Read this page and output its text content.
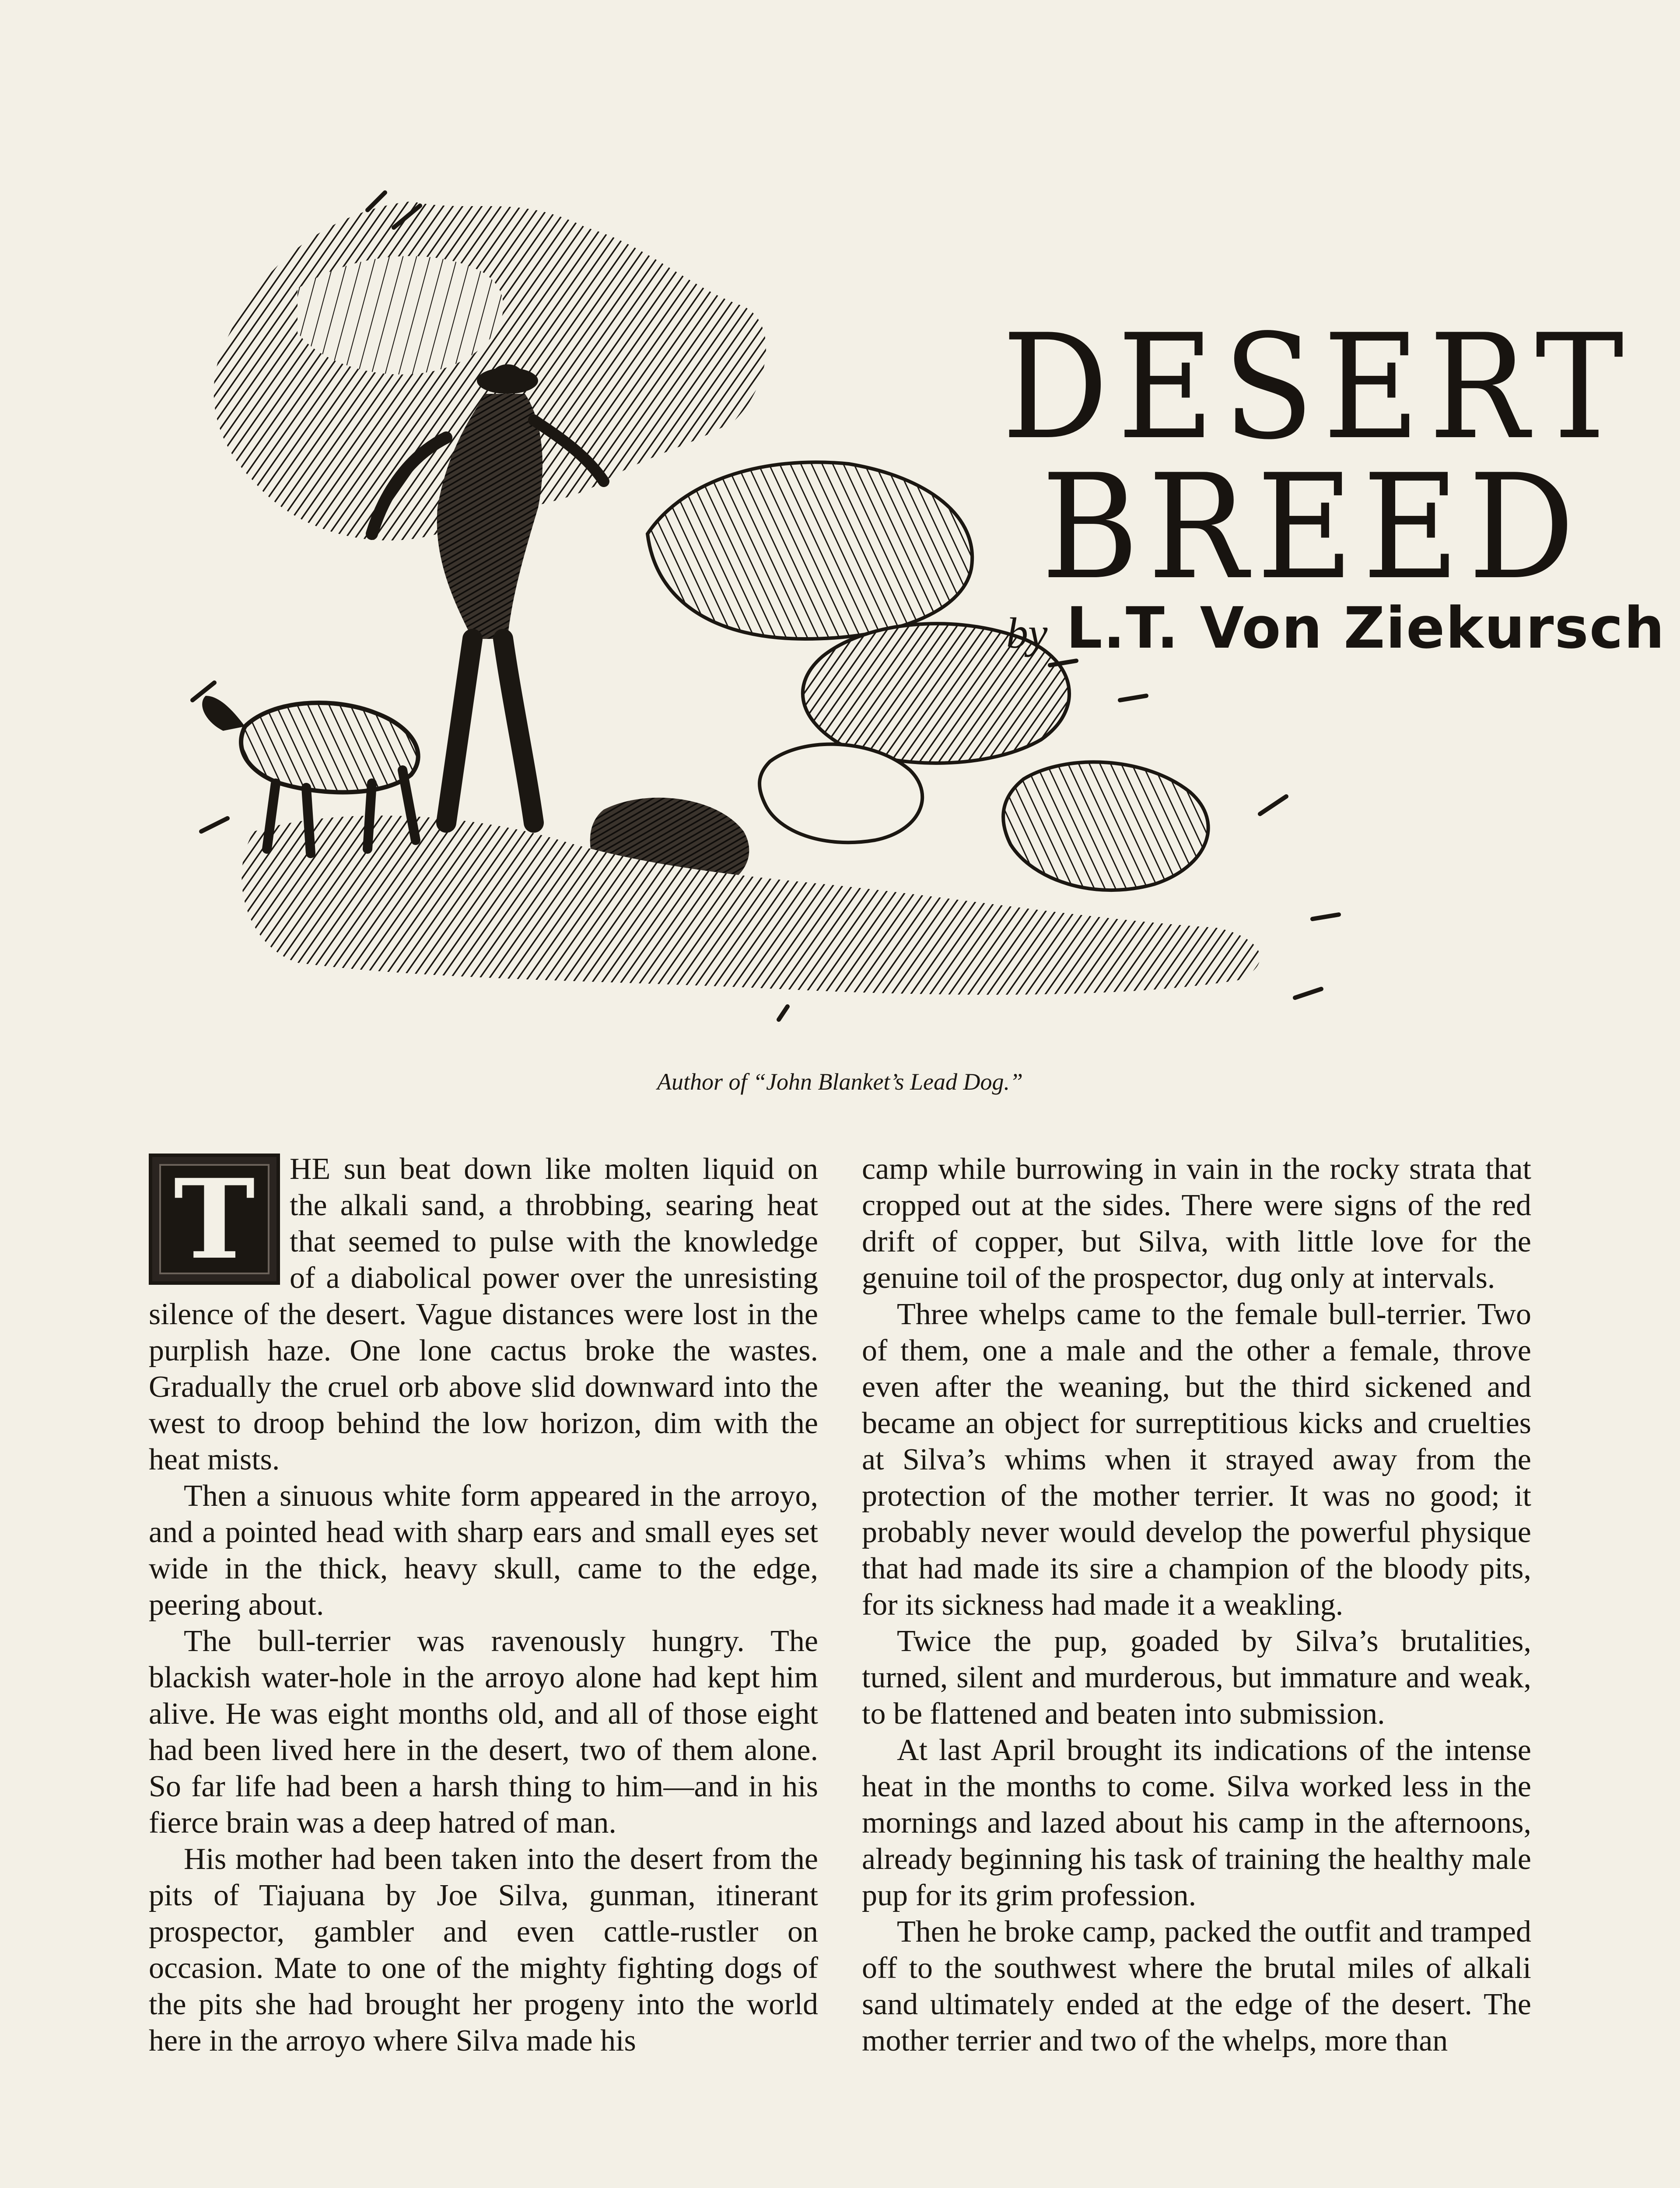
DESERT
BREED
by L.T. Von Ziekursch
Author of “John Blanket’s Lead Dog.”
T	HE sun beat down like molten liquid on the alkali sand, a throbbing, searing heat that seemed to pulse with the knowledge of a diabolical power over the unresisting silence of the desert. Vague distances were lost in the purplish haze. One lone cactus broke the wastes. Gradually the cruel orb above slid downward into the west to droop behind the low horizon, dim with the heat mists.

Then a sinuous white form appeared in the arroyo, and a pointed head with sharp ears and small eyes set wide in the thick, heavy skull, came to the edge, peering about.

The bull-terrier was ravenously hungry. The blackish water-hole in the arroyo alone had kept him alive. He was eight months old, and all of those eight had been lived here in the desert, two of them alone. So far life had been a harsh thing to him—and in his fierce brain was a deep hatred of man.

His mother had been taken into the desert from the pits of Tiajuana by Joe Silva, gunman, itinerant prospector, gambler and even cattle-rustler on occasion. Mate to one of the mighty fighting dogs of the pits she had brought her progeny into the world here in the arroyo where Silva made his

camp while burrowing in vain in the rocky strata that cropped out at the sides. There were signs of the red drift of copper, but Silva, with little love for the genuine toil of the prospector, dug only at intervals.

Three whelps came to the female bull-terrier. Two of them, one a male and the other a female, throve even after the weaning, but the third sickened and became an object for surreptitious kicks and cruelties at Silva’s whims when it strayed away from the protection of the mother terrier. It was no good; it probably never would develop the powerful physique that had made its sire a champion of the bloody pits, for its sickness had made it a weakling.

Twice the pup, goaded by Silva’s brutalities, turned, silent and murderous, but immature and weak, to be flattened and beaten into submission.

At last April brought its indications of the intense heat in the months to come. Silva worked less in the mornings and lazed about his camp in the afternoons, already beginning his task of training the healthy male pup for its grim profession.

Then he broke camp, packed the outfit and tramped off to the southwest where the brutal miles of alkali sand ultimately ended at the edge of the desert. The mother terrier and two of the whelps, more than
